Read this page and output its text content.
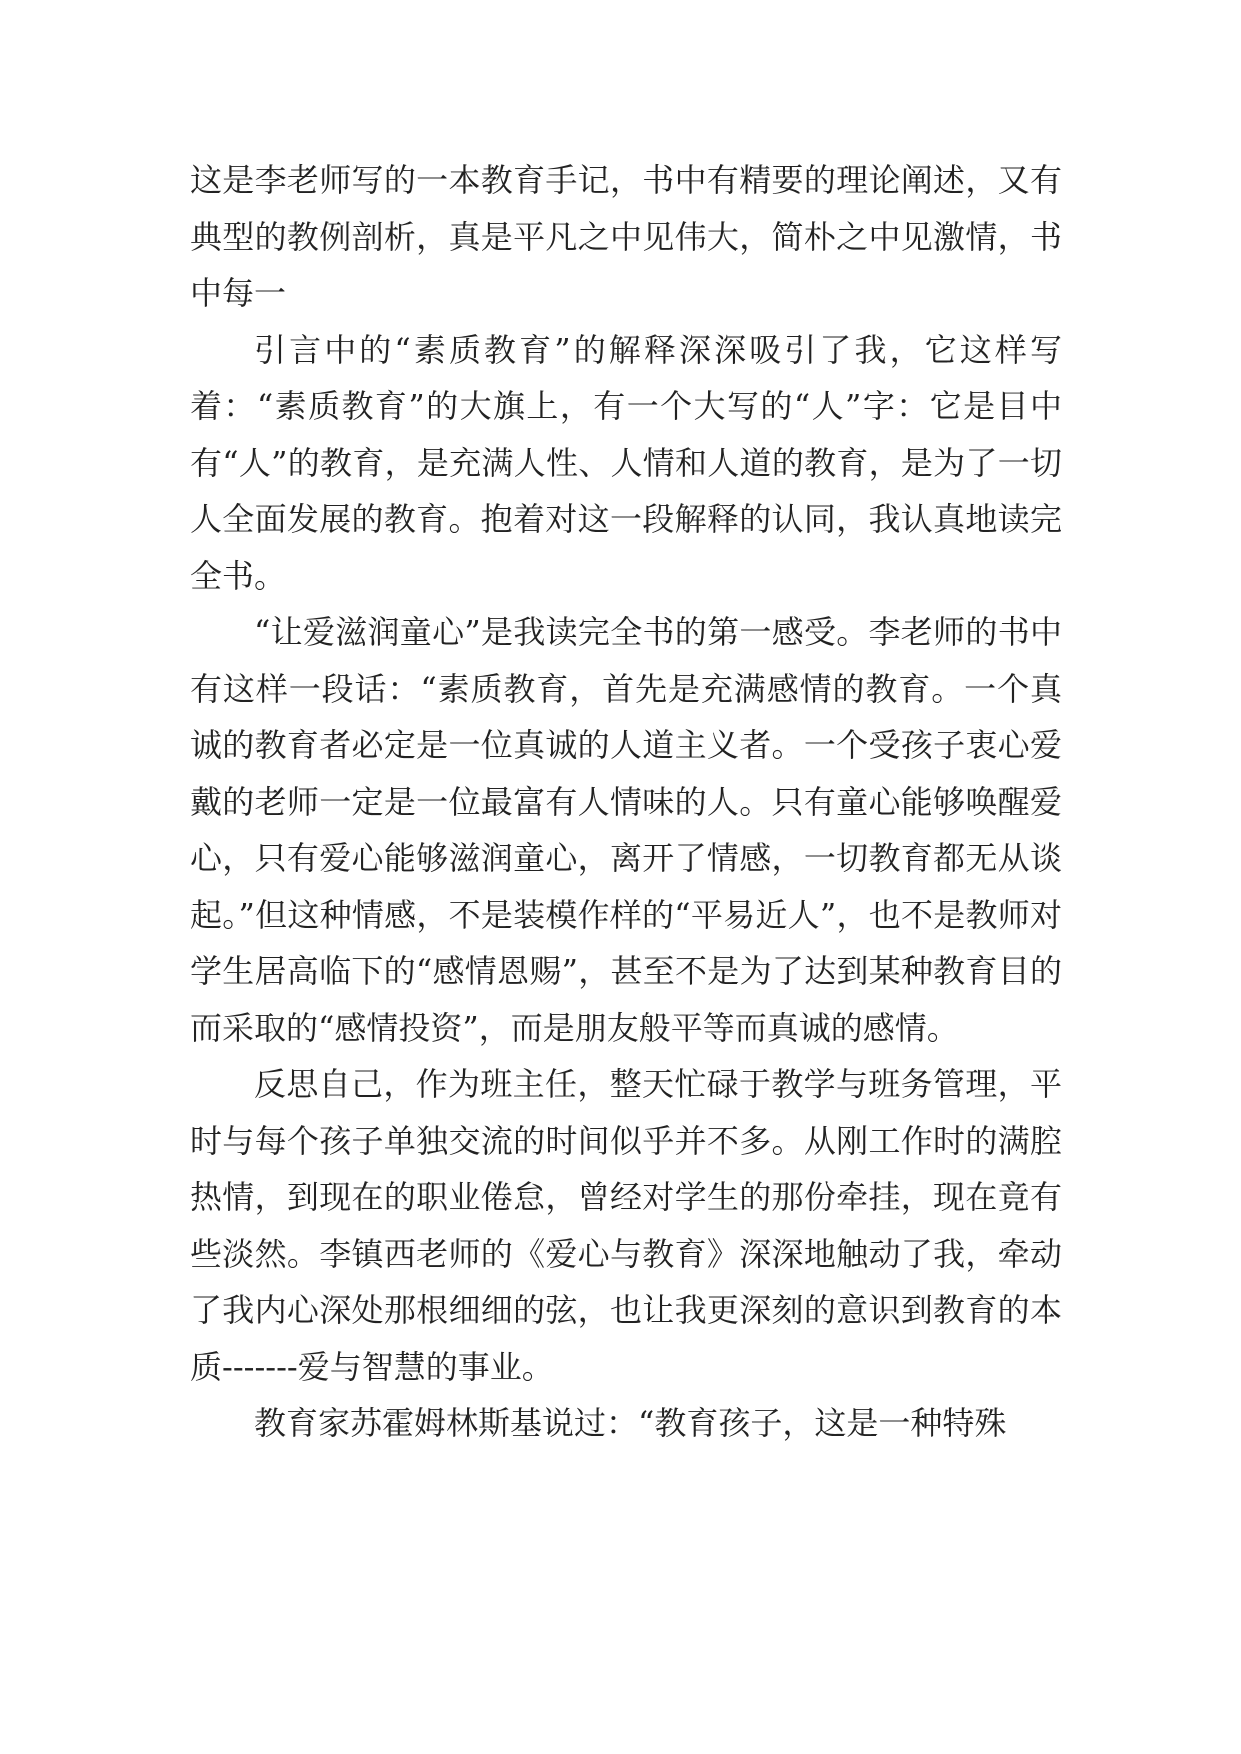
这是李老师写的一本教育手记，书中有精要的理论阐述，又有典型的教例剖析，真是平凡之中见伟大，简朴之中见激情，书中每一

引言中的“素质教育”的解释深深吸引了我，它这样写着：“素质教育”的大旗上，有一个大写的“人”字：它是目中有“人”的教育，是充满人性、人情和人道的教育，是为了一切人全面发展的教育。抱着对这一段解释的认同，我认真地读完全书。

“让爱滋润童心”是我读完全书的第一感受。李老师的书中有这样一段话：“素质教育，首先是充满感情的教育。一个真诚的教育者必定是一位真诚的人道主义者。一个受孩子衷心爱戴的老师一定是一位最富有人情味的人。只有童心能够唤醒爱心，只有爱心能够滋润童心，离开了情感，一切教育都无从谈起。”但这种情感，不是装模作样的“平易近人”，也不是教师对学生居高临下的“感情恩赐”，甚至不是为了达到某种教育目的而采取的“感情投资”，而是朋友般平等而真诚的感情。

反思自己，作为班主任，整天忙碌于教学与班务管理，平时与每个孩子单独交流的时间似乎并不多。从刚工作时的满腔热情，到现在的职业倦怠，曾经对学生的那份牵挂，现在竟有些淡然。李镇西老师的《爱心与教育》深深地触动了我，牵动了我内心深处那根细细的弦，也让我更深刻的意识到教育的本质-------爱与智慧的事业。

教育家苏霍姆林斯基说过：“教育孩子，这是一种特殊
